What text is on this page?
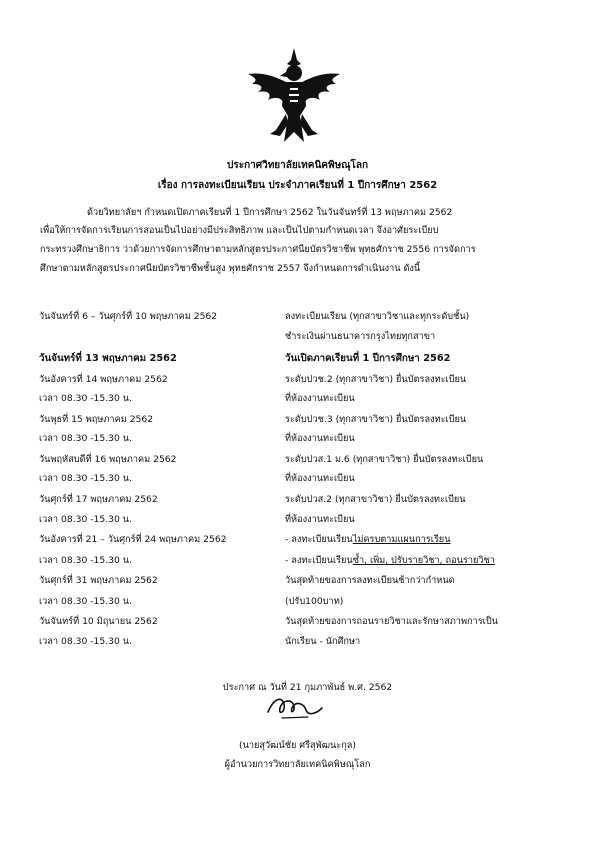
ประกาศวิทยาลัยเทคนิคพิษณุโลก
เรื่อง การลงทะเบียนเรียน ประจำภาคเรียนที่ 1 ปีการศึกษา 2562
ด้วยวิทยาลัยฯ กำหนดเปิดภาคเรียนที่ 1 ปีการศึกษา 2562 ในวันจันทร์ที่ 13 พฤษภาคม 2562
เพื่อให้การจัดการเรียนการสอนเป็นไปอย่างมีประสิทธิภาพ และเป็นไปตามกำหนดเวลา จึงอาศัยระเบียบ
กระทรวงศึกษาธิการ ว่าด้วยการจัดการศึกษาตามหลักสูตรประกาศนียบัตรวิชาชีพ พุทธศักราช 2556 การจัดการ
ศึกษาตามหลักสูตรประกาศนียบัตรวิชาชีพชั้นสูง พุทธศักราช 2557 จึงกำหนดการดำเนินงาน ดังนี้
วันจันทร์ที่ 6 – วันศุกร์ที่ 10 พฤษภาคม 2562	ลงทะเบียนเรียน (ทุกสาขาวิชาและทุกระดับชั้น)
ชำระเงินผ่านธนาคารกรุงไทยทุกสาขา
วันจันทร์ที่ 13 พฤษภาคม 2562	วันเปิดภาคเรียนที่ 1 ปีการศึกษา 2562
วันอังคารที่ 14 พฤษภาคม 2562	ระดับปวช.2 (ทุกสาขาวิชา) ยื่นบัตรลงทะเบียน
เวลา 08.30 -15.30 น.	ที่ห้องงานทะเบียน
วันพุธที่ 15 พฤษภาคม 2562	ระดับปวช.3 (ทุกสาขาวิชา) ยื่นบัตรลงทะเบียน
เวลา 08.30 -15.30 น.	ที่ห้องงานทะเบียน
วันพฤหัสบดีที่ 16 พฤษภาคม 2562	ระดับปวส.1 ม.6 (ทุกสาขาวิชา) ยื่นบัตรลงทะเบียน
เวลา 08.30 -15.30 น.	ที่ห้องงานทะเบียน
วันศุกร์ที่ 17 พฤษภาคม 2562	ระดับปวส.2 (ทุกสาขาวิชา) ยื่นบัตรลงทะเบียน
เวลา 08.30 -15.30 น.	ที่ห้องงานทะเบียน
วันอังคารที่ 21 – วันศุกร์ที่ 24 พฤษภาคม 2562	- ลงทะเบียนเรียนไม่ครบตามแผนการเรียน
เวลา 08.30 -15.30 น.	- ลงทะเบียนเรียนซ้ำ, เพิ่ม, ปรับรายวิชา, ถอนรายวิชา
วันศุกร์ที่ 31 พฤษภาคม 2562	วันสุดท้ายของการลงทะเบียนช้ากว่ากำหนด
เวลา 08.30 -15.30 น.	(ปรับ100บาท)
วันจันทร์ที่ 10 มิถุนายน 2562	วันสุดท้ายของการถอนรายวิชาและรักษาสภาพการเป็น
เวลา 08.30 -15.30 น.	นักเรียน - นักศึกษา
ประกาศ ณ วันที่ 21 กุมภาพันธ์ พ.ศ. 2562
(นายสุวัฒน์ชัย ศรีสุพัฒนะกุล)
ผู้อำนวยการวิทยาลัยเทคนิคพิษณุโลก
